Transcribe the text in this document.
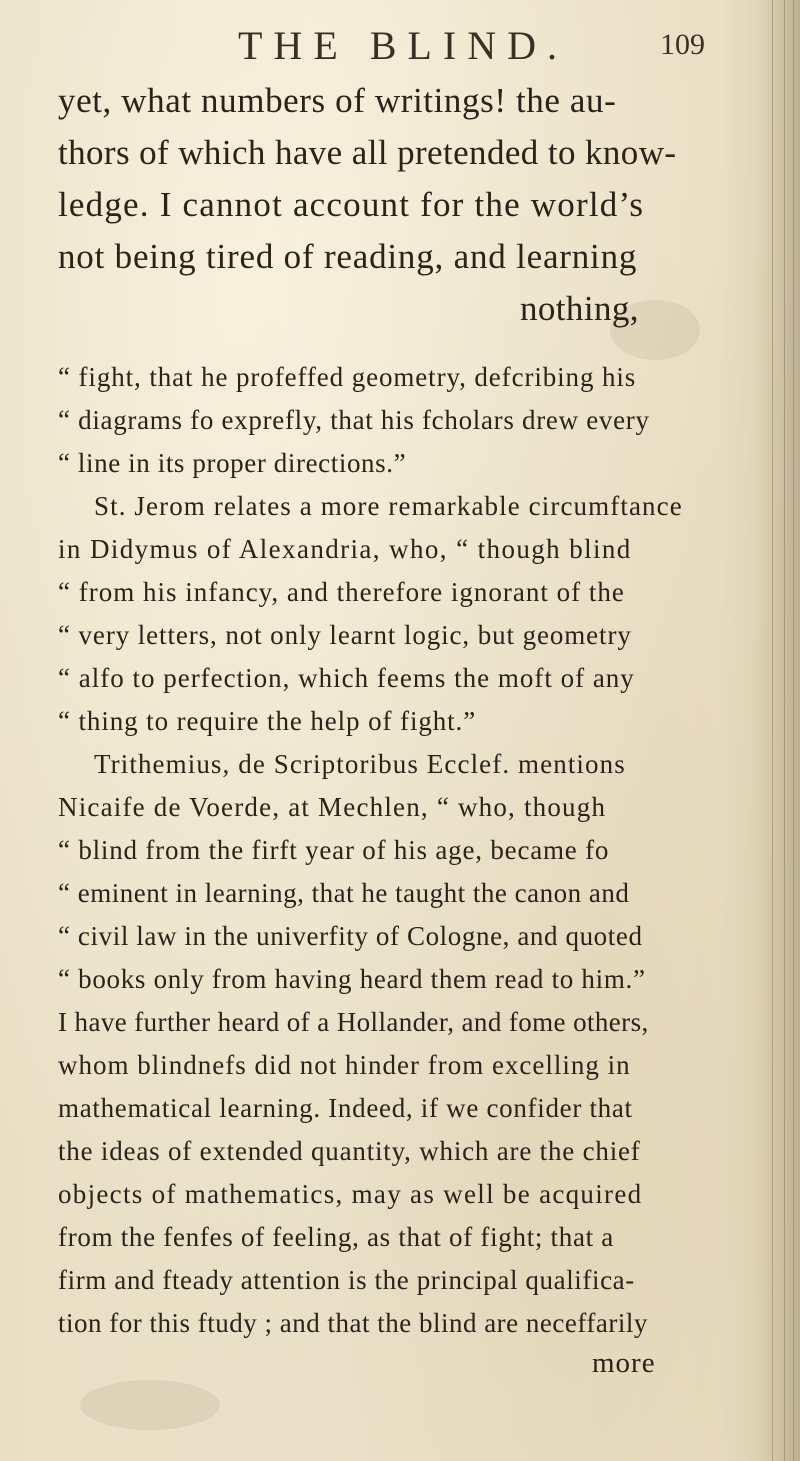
THE BLIND.	109
yet, what numbers of writings! the au-
thors of which have all pretended to know-
ledge. I cannot account for the world’s
not being tired of reading, and learning
nothing,
“ fight, that he profeffed geometry, defcribing his
“ diagrams fo exprefly, that his fcholars drew every
“ line in its proper directions.”
St. Jerom relates a more remarkable circumftance
in Didymus of Alexandria, who, “ though blind
“ from his infancy, and therefore ignorant of the
“ very letters, not only learnt logic, but geometry
“ alfo to perfection, which feems the moft of any
“ thing to require the help of fight.”
Trithemius, de Scriptoribus Ecclef. mentions
Nicaife de Voerde, at Mechlen, “ who, though
“ blind from the firft year of his age, became fo
“ eminent in learning, that he taught the canon and
“ civil law in the univerfity of Cologne, and quoted
“ books only from having heard them read to him.”
I have further heard of a Hollander, and fome others,
whom blindnefs did not hinder from excelling in
mathematical learning. Indeed, if we confider that
the ideas of extended quantity, which are the chief
objects of mathematics, may as well be acquired
from the fenfes of feeling, as that of fight; that a
firm and fteady attention is the principal qualifica-
tion for this ftudy ; and that the blind are neceffarily
more
